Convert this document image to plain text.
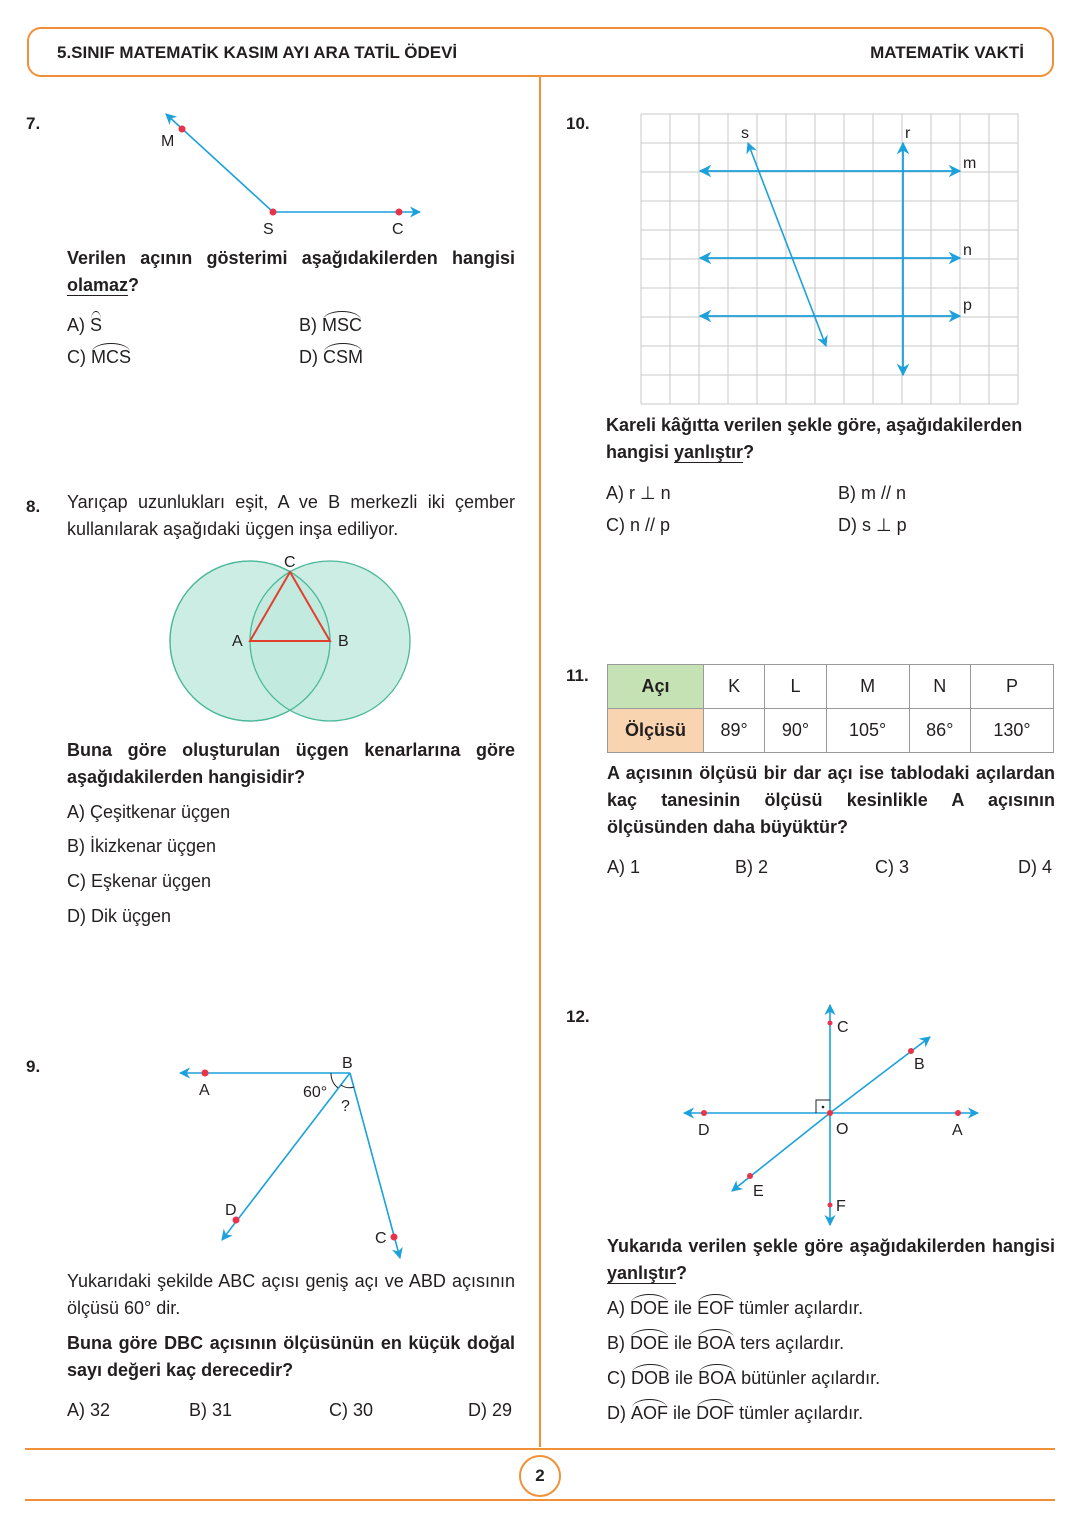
5.SINIF MATEMATİK KASIM AYI ARA TATİL ÖDEVİ	MATEMATİK VAKTİ
7.
M
S	C
Verilen açının gösterimi aşağıdakilerden hangisi olamaz?
A) S	B) MSC
C) MCS	D) CSM
8. Yarıçap uzunlukları eşit, A ve B merkezli iki çember kullanılarak aşağıdaki üçgen inşa ediliyor.
A	B
C
Buna göre oluşturulan üçgen kenarlarına göre aşağıdakilerden hangisidir?
A) Çeşitkenar üçgen
B) İkizkenar üçgen
C) Eşkenar üçgen
D) Dik üçgen
9.
A
B
D
C
60°
?
Yukarıdaki şekilde ABC açısı geniş açı ve ABD açısının ölçüsü 60° dir.
Buna göre DBC açısının ölçüsünün en küçük doğal sayı değeri kaç derecedir?
A) 32	B) 31	C) 30	D) 29
10.
s	r
m
n
p
Kareli kâğıtta verilen şekle göre, aşağıdakilerden hangisi yanlıştır?
A) r ⊥ n	B) m // n
C) n // p	D) s ⊥ p
11.
Açı	K	L	M	N	P
Ölçüsü	89°	90°	105°	86°	130°
A açısının ölçüsü bir dar açı ise tablodaki açılardan kaç tanesinin ölçüsü kesinlikle A açısının ölçüsünden daha büyüktür?
A) 1	B) 2	C) 3	D) 4
12.
C
B
D	O	A
E
F
Yukarıda verilen şekle göre aşağıdakilerden hangisi yanlıştır?
A) DOE ile EOF tümler açılardır.
B) DOE ile BOA ters açılardır.
C) DOB ile BOA bütünler açılardır.
D) AOF ile DOF tümler açılardır.
2
